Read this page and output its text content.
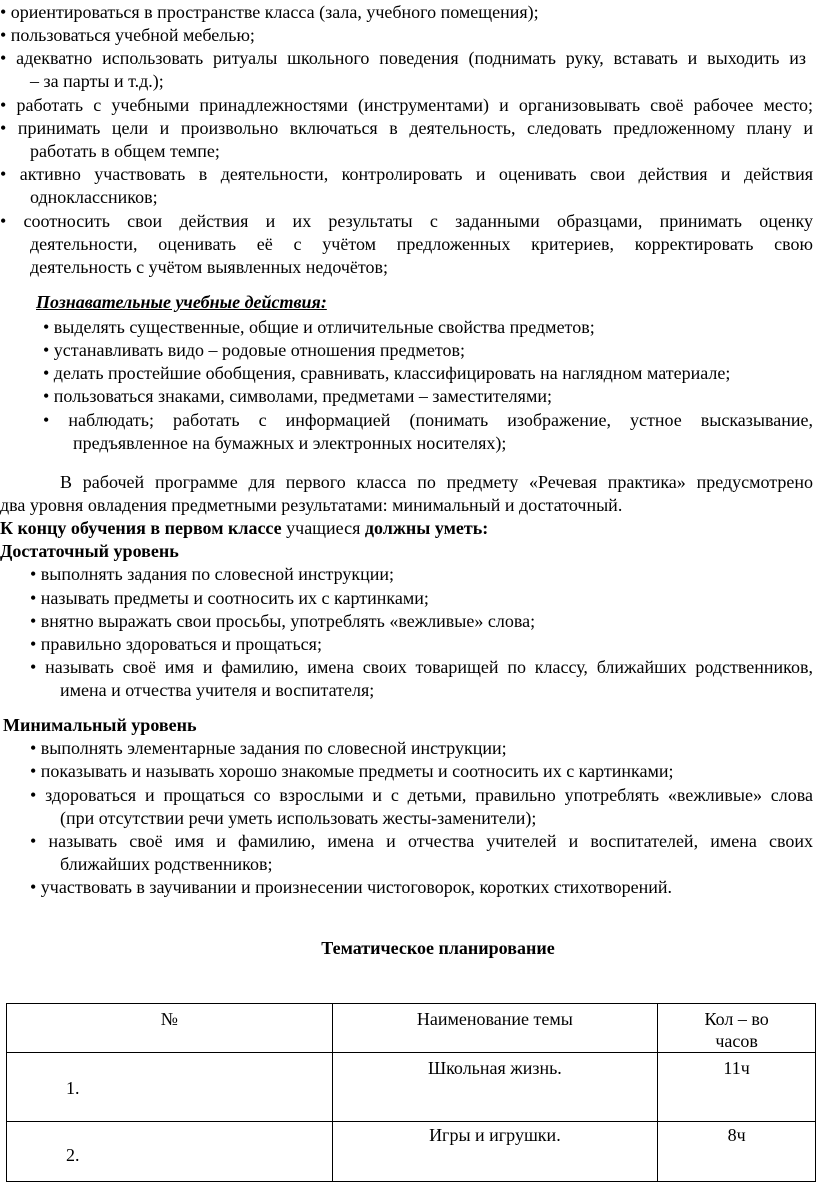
• ориентироваться в пространстве класса (зала, учебного помещения);
• пользоваться учебной мебелью;
• адекватно использовать ритуалы школьного поведения (поднимать руку, вставать и выходить из
– за парты и т.д.);
• работать с учебными принадлежностями (инструментами) и организовывать своё рабочее место;
• принимать цели и произвольно включаться в деятельность, следовать предложенному плану и
работать в общем темпе;
• активно участвовать в деятельности, контролировать и оценивать свои действия и действия
одноклассников;
• соотносить свои действия и их результаты с заданными образцами, принимать оценку
деятельности, оценивать её с учётом предложенных критериев, корректировать свою
деятельность с учётом выявленных недочётов;
Познавательные учебные действия:
• выделять существенные, общие и отличительные свойства предметов;
• устанавливать видо – родовые отношения предметов;
• делать простейшие обобщения, сравнивать, классифицировать на наглядном материале;
• пользоваться знаками, символами, предметами – заместителями;
• наблюдать; работать с информацией (понимать изображение, устное высказывание,
предъявленное на бумажных и электронных носителях);
В рабочей программе для первого класса по предмету «Речевая практика» предусмотрено
два уровня овладения предметными результатами: минимальный и достаточный.
К концу обучения в первом классе учащиеся должны уметь:
Достаточный уровень
• выполнять задания по словесной инструкции;
• называть предметы и соотносить их с картинками;
• внятно выражать свои просьбы, употреблять «вежливые» слова;
• правильно здороваться и прощаться;
• называть своё имя и фамилию, имена своих товарищей по классу, ближайших родственников,
имена и отчества учителя и воспитателя;
Минимальный уровень
• выполнять элементарные задания по словесной инструкции;
• показывать и называть хорошо знакомые предметы и соотносить их с картинками;
• здороваться и прощаться со взрослыми и с детьми, правильно употреблять «вежливые» слова
(при отсутствии речи уметь использовать жесты-заменители);
• называть своё имя и фамилию, имена и отчества учителей и воспитателей, имена своих
ближайших родственников;
• участвовать в заучивании и произнесении чистоговорок, коротких стихотворений.
Тематическое планирование
№	Наименование темы	Кол – во
часов

1.	Школьная жизнь.	11ч
2.	Игры и игрушки.	8ч
